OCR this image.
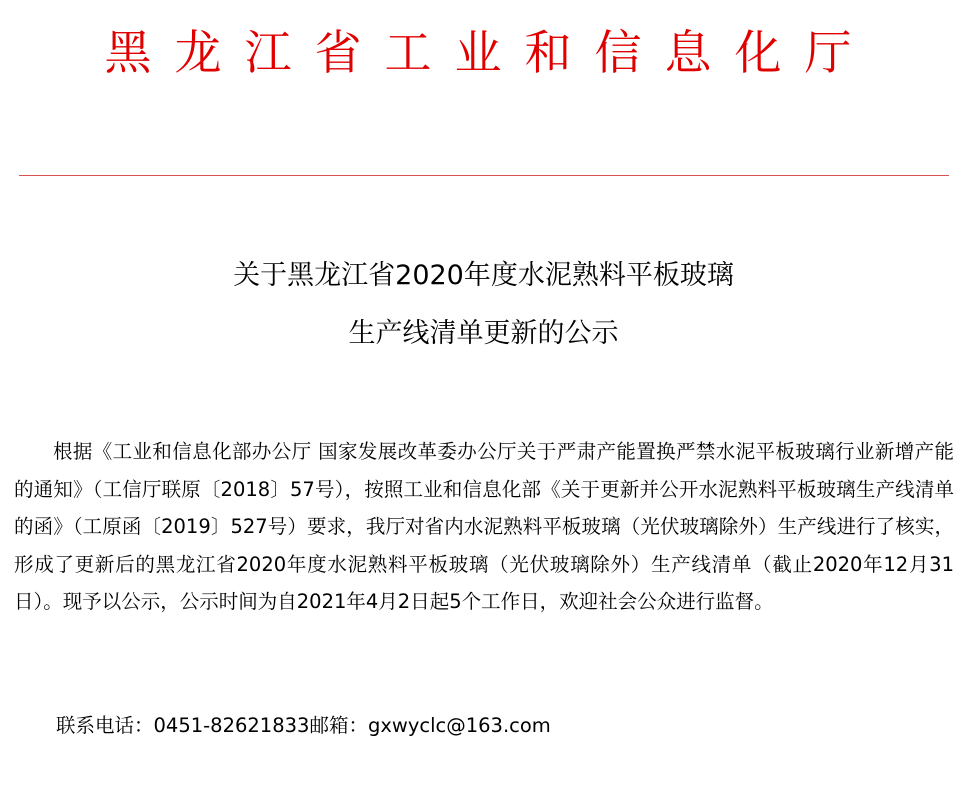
黑龙江省工业和信息化厅
关于黑龙江省2020年度水泥熟料平板玻璃
生产线清单更新的公示

根据《工业和信息化部办公厅 国家发展改革委办公厅关于严肃产能置换严禁水泥平板玻璃行业新增产能的通知》（工信厅联原〔2018〕57号），按照工业和信息化部《关于更新并公开水泥熟料平板玻璃生产线清单的函》（工原函〔2019〕527号）要求，我厅对省内水泥熟料平板玻璃（光伏玻璃除外）生产线进行了核实，形成了更新后的黑龙江省2020年度水泥熟料平板玻璃（光伏玻璃除外）生产线清单（截止2020年12月31日）。现予以公示，公示时间为自2021年4月2日起5个工作日，欢迎社会公众进行监督。

联系电话：0451-82621833邮箱：gxwyclc@163.com
